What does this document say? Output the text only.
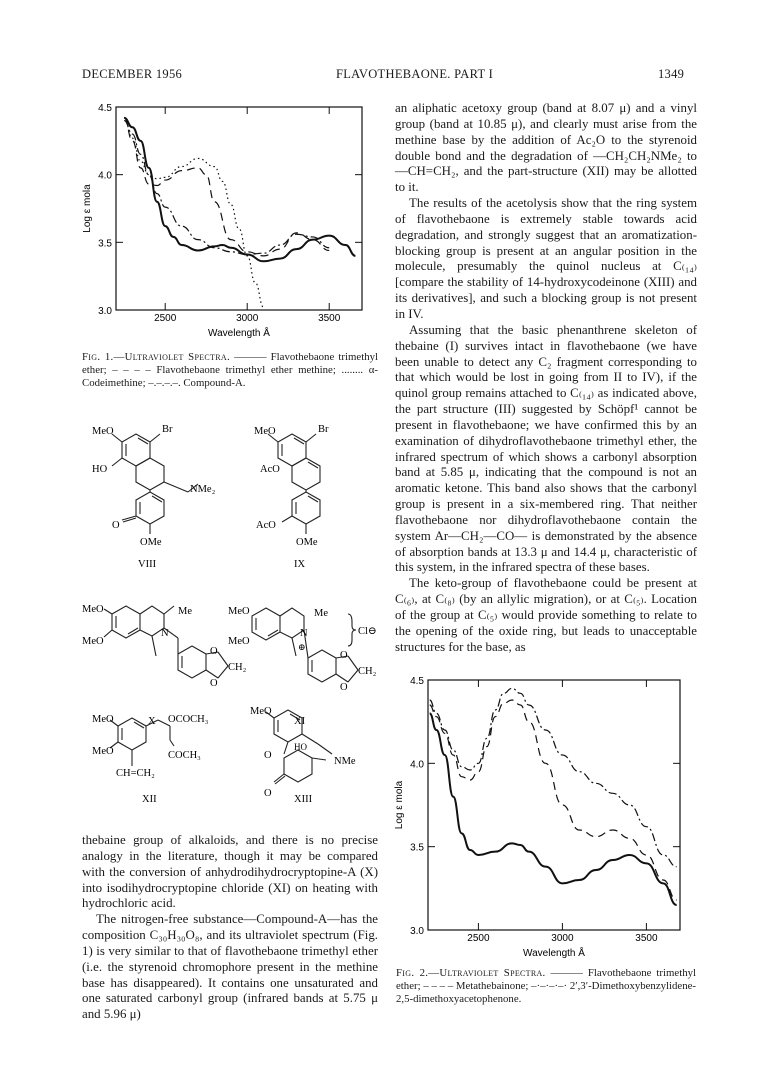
DECEMBER 1956	FLAVOTHEBAONE. PART I	1349
4.5
4.0
3.5
3.0
2500	3000	3500
Wavelength Å
Log ε mola
Fig. 1.—Ultraviolet Spectra. ——— Flavothebaone trimethyl ether; – – – – Flavothebaone trimethyl ether methine; ........ α-Codeimethine; –.–.–.–. Compound-A.
MeO	Br
HO
NMe₂
O
OMe
VIII
MeO	Br
AcO
AcO
OMe
IX
MeO
MeO
N
Me
O
O
CH₂
X
MeO
MeO
N
Me
⊕
Cl⊖
O
O
CH₂
XI
MeO
MeO
OCOCH₃
COCH₃
CH=CH₂
XII
MeO
O
HO
NMe
O
XIII

thebaine group of alkaloids, and there is no precise analogy in the literature, though it may be compared with the conversion of anhydrodihydrocryptopine-A (X) into isodihydrocryptopine chloride (XI) on heating with hydrochloric acid.

The nitrogen-free substance—Compound-A—has the composition C₃₀H₃₀O₈, and its ultraviolet spectrum (Fig. 1) is very similar to that of flavothebaone trimethyl ether (i.e. the styrenoid chromophore present in the methine base has disappeared). It contains one unsaturated and one saturated carbonyl group (infrared bands at 5.75 μ and 5.96 μ)

an aliphatic acetoxy group (band at 8.07 μ) and a vinyl group (band at 10.85 μ), and clearly must arise from the methine base by the addition of Ac₂O to the styrenoid double bond and the degradation of —CH₂CH₂NMe₂ to —CH=CH₂, and the part-structure (XII) may be allotted to it.

The results of the acetolysis show that the ring system of flavothebaone is extremely stable towards acid degradation, and strongly suggest that an aromatization-blocking group is present at an angular position in the molecule, presumably the quinol nucleus at C₍₁₄₎ [compare the stability of 14-hydroxycodeinone (XIII) and its derivatives], and such a blocking group is not present in IV.

Assuming that the basic phenanthrene skeleton of thebaine (I) survives intact in flavothebaone (we have been unable to detect any C₂ fragment corresponding to that which would be lost in going from II to IV), if the quinol group remains attached to C₍₁₄₎ as indicated above, the part structure (III) suggested by Schöpf¹ cannot be present in flavothebaone; we have confirmed this by an examination of dihydroflavothebaone trimethyl ether, the infrared spectrum of which shows a carbonyl absorption band at 5.85 μ, indicating that the compound is not an aromatic ketone. This band also shows that the carbonyl group is present in a six-membered ring. That neither flavothebaone nor dihydroflavothebaone contain the system Ar—CH₂—CO— is demonstrated by the absence of absorption bands at 13.3 μ and 14.4 μ, characteristic of this system, in the infrared spectra of these bases.

The keto-group of flavothebaone could be present at C₍₆₎, at C₍₈₎ (by an allylic migration), or at C₍₅₎. Location of the group at C₍₅₎ would provide something to relate to the opening of the oxide ring, but leads to unacceptable structures for the base, as

4.5
4.0
3.5
3.0
2500	3000	3500
Wavelength Å
Log ε mola
Fig. 2.—Ultraviolet Spectra. ——— Flavothebaone trimethyl ether; – – – – Metathebainone; –·–·–·–· 2′,3′-Dimethoxybenzylidene-2,5-dimethoxyacetophenone.
